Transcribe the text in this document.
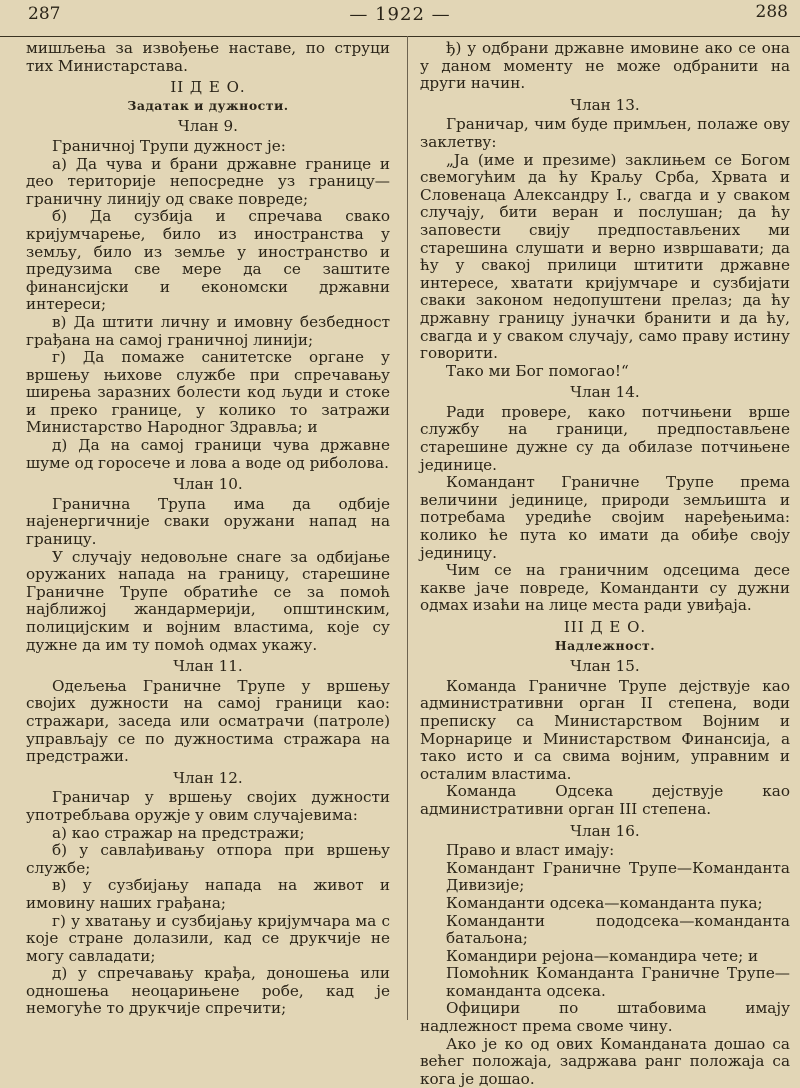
287	— 1922 —	288

мишљења за извођење наставе, по струци тих Министарстава.

II Д Е О.

Задатак и дужности.

Члан 9.

Граничној Трупи дужност је:

а) Да чува и брани државне границе и део територије непосредне уз границу—граничну линију од сваке повреде;

б) Да сузбија и спречава свако кријумчарење, било из иностранства у земљу, било из земље у иностранство и предузима све мере да се заштите финансијски и економски државни интереси;

в) Да штити личну и имовну безбедност грађана на самој граничној линији;

г) Да помаже санитетске органе у вршењу њихове службе при спречавању ширења заразних болести код људи и стоке и преко границе, у колико то затражи Министарство Народног Здравља; и

д) Да на самој граници чува државне шуме од горосече и лова а воде од риболова.

Члан 10.

Гранична Трупа има да одбије најенергичније сваки оружани напад на границу.

У случају недовољне снаге за одбијање оружаних напада на границу, старешине Граничне Трупе обратиће се за помоћ најближој жандармерији, општинским, полицијским и војним властима, које су дужне да им ту помоћ одмах укажу.

Члан 11.

Одељења Граничне Трупе у вршењу својих дужности на самој граници као: стражари, заседа или осматрачи (патроле) управљају се по дужностима стражара на предстражи.

Члан 12.

Граничар у вршењу својих дужности употребљава оружје у овим случајевима:

а) као стражар на предстражи;

б) у савлађивању отпора при вршењу службе;

в) у сузбијању напада на живот и имовину наших грађана;

г) у хватању и сузбијању кријумчара ма с које стране долазили, кад се друкчије не могу савладати;

д) у спречавању крађа, доношења или одношења неоцарињене робе, кад је немогуће то друкчије спречити;

ђ) у одбрани државне имовине ако се она у даном моменту не може одбранити на други начин.

Члан 13.

Граничар, чим буде примљен, полаже ову заклетву:

„Ја (име и презиме) заклињем се Богом свемогућим да ћу Краљу Срба, Хрвата и Словенаца Александру I., свагда и у сваком случају, бити веран и послушан; да ћу заповести свију предпостављених ми старешина слушати и верно извршавати; да ћу у свакој прилици штитити државне интересе, хватати кријумчаре и сузбијати сваки законом недопуштени прелаз; да ћу државну границу јуначки бранити и да ћу, свагда и у сваком случају, само праву истину говорити.

Тако ми Бог помогао!“

Члан 14.

Ради провере, како потчињени врше службу на граници, предпостављене старешине дужне су да обилазе потчињене јединице.

Командант Граничне Трупе према величини јединице, природи земљишта и потребама уредиће својим наређењима: колико ће пута ко имати да обиђе своју јединицу.

Чим се на граничним одсецима десе какве јаче повреде, Команданти су дужни одмах изаћи на лице места ради увиђаја.

III Д Е О.

Надлежност.

Члан 15.

Команда Граничне Трупе дејствује као административни орган II степена, води преписку са Министарством Војним и Морнарице и Министарством Финансија, а тако исто и са свима војним, управним и осталим властима.

Команда Одсека дејствује као административни орган III степена.

Члан 16.

Право и власт имају:

Командант Граничне Трупе—Команданта Дивизије;

Команданти одсека—команданта пука;

Команданти пододсека—команданта батаљона;

Командири рејона—командира чете; и

Помоћник Команданта Граничне Трупе—команданта одсека.

Официри по штабовима имају надлежност према своме чину.

Ако је ко од ових Команданата дошао са већег положаја, задржава ранг положаја са кога је дошао.
